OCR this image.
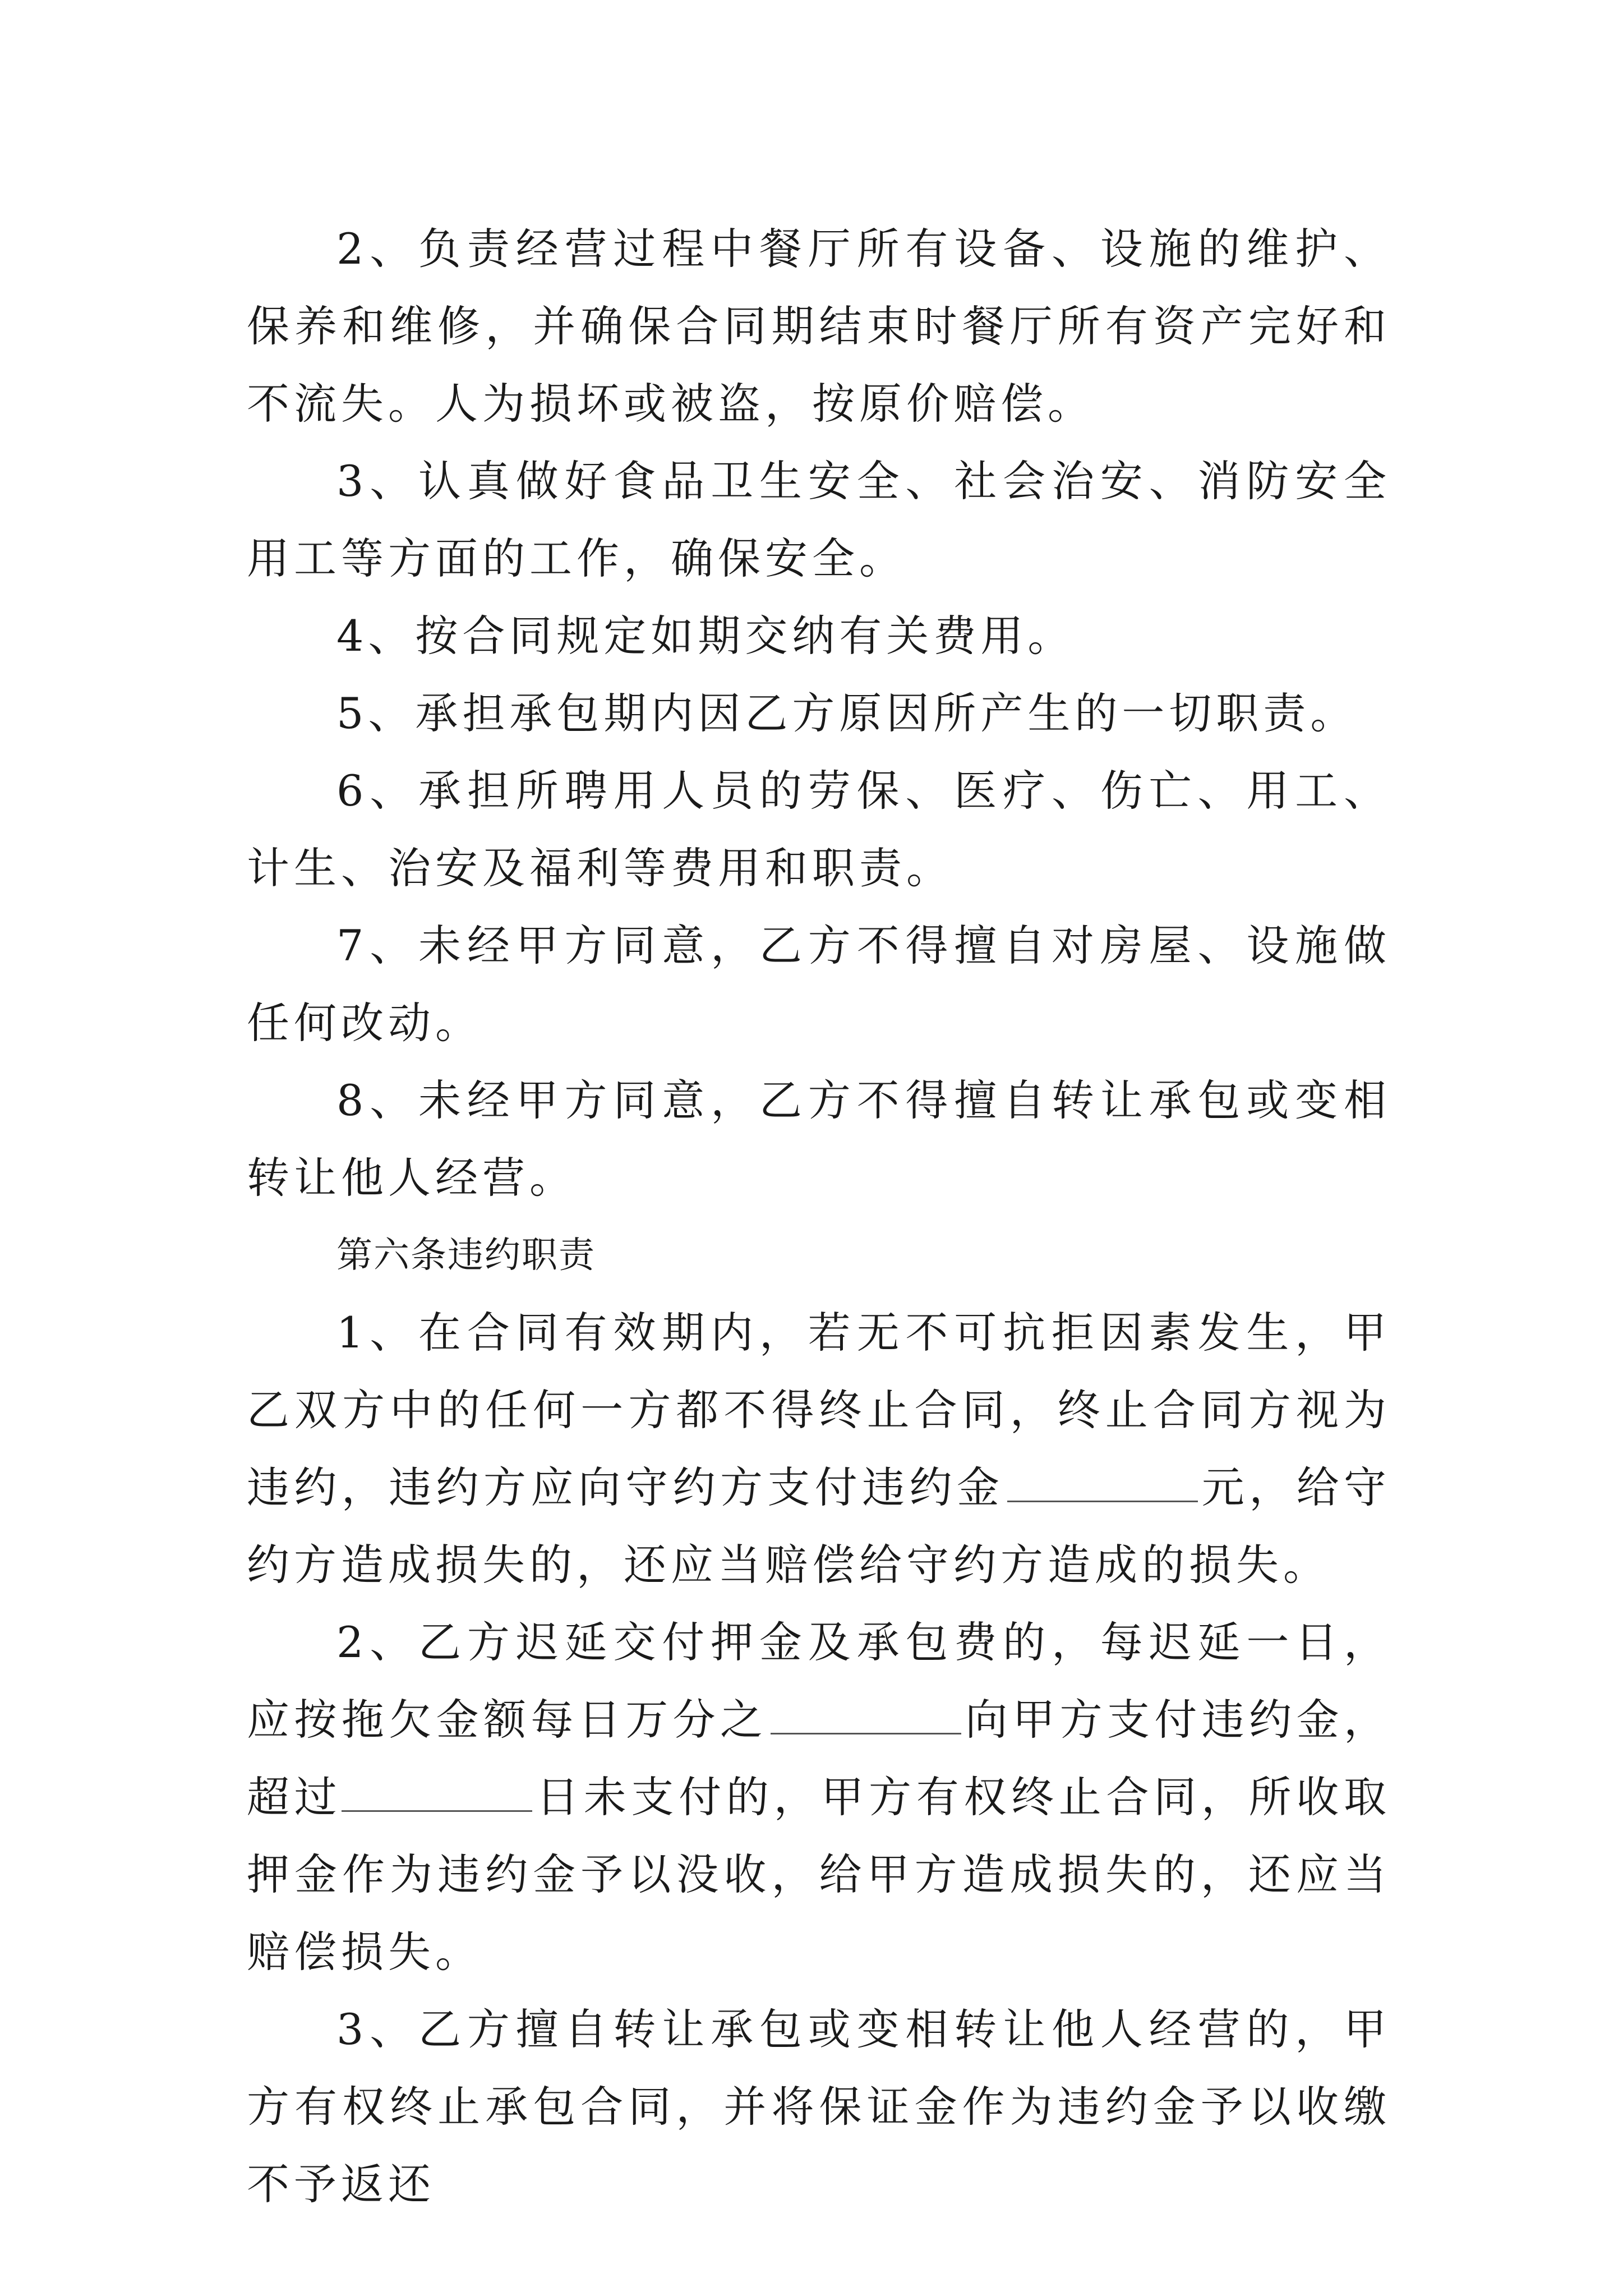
2、负责经营过程中餐厅所有设备、设施的维护、保养和维修，并确保合同期结束时餐厅所有资产完好和不流失。人为损坏或被盗，按原价赔偿。

3、认真做好食品卫生安全、社会治安、消防安全用工等方面的工作，确保安全。

4、按合同规定如期交纳有关费用。

5、承担承包期内因乙方原因所产生的一切职责。

6、承担所聘用人员的劳保、医疗、伤亡、用工、计生、治安及福利等费用和职责。

7、未经甲方同意，乙方不得擅自对房屋、设施做任何改动。

8、未经甲方同意，乙方不得擅自转让承包或变相转让他人经营。

第六条违约职责

1、在合同有效期内，若无不可抗拒因素发生，甲乙双方中的任何一方都不得终止合同，终止合同方视为违约，违约方应向守约方支付违约金	元，给守约方造成损失的，还应当赔偿给守约方造成的损失。

2、乙方迟延交付押金及承包费的，每迟延一日，应按拖欠金额每日万分之	向甲方支付违约金，超过	日未支付的，甲方有权终止合同，所收取押金作为违约金予以没收，给甲方造成损失的，还应当赔偿损失。

3、乙方擅自转让承包或变相转让他人经营的，甲方有权终止承包合同，并将保证金作为违约金予以收缴不予返还
